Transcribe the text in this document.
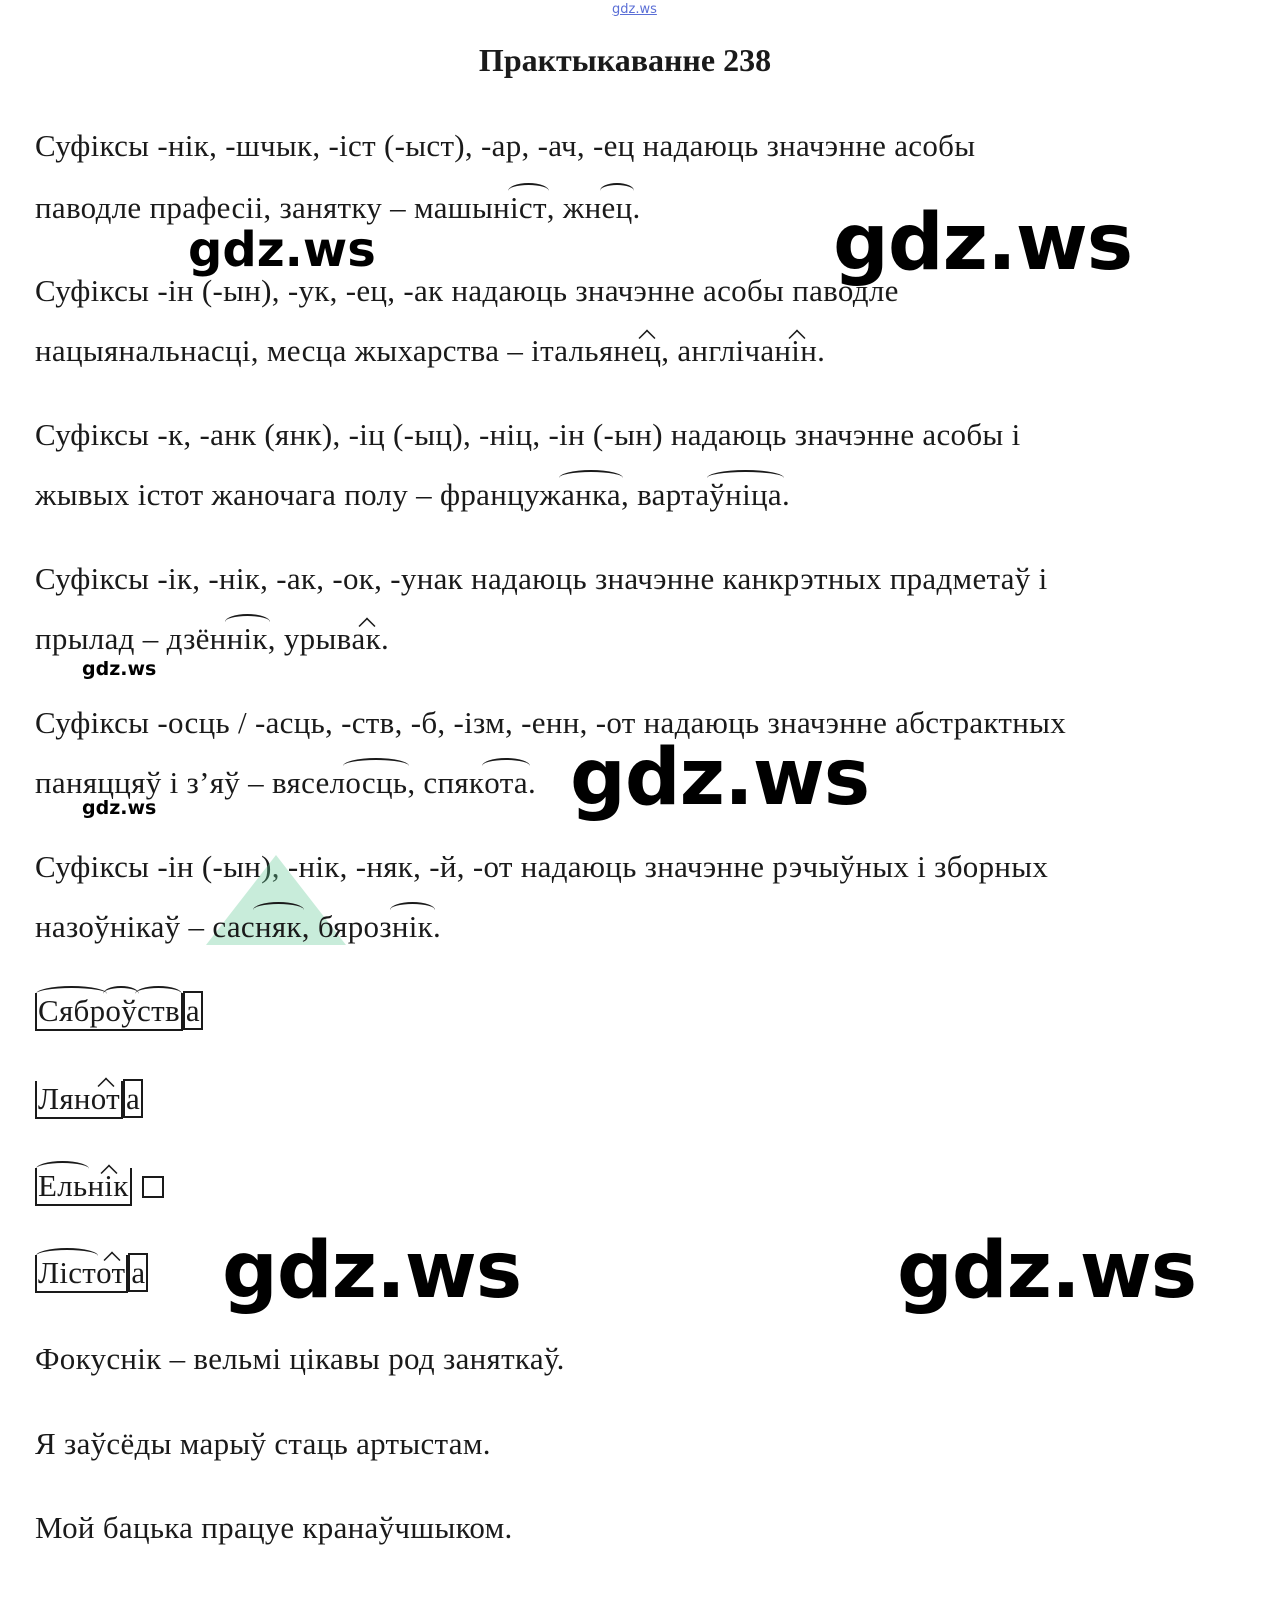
gdz.ws
Практыкаванне 238
Суфіксы -нік, -шчык, -іст (-ыст), -ар, -ач, -ец надаюць значэнне асобы
паводле прафесіі, занятку – машыніст, жнец.
Суфіксы -ін (-ын), -ук, -ец, -ак надаюць значэнне асобы паводле
нацыянальнасці, месца жыхарства – італьянец, англічанін.
Суфіксы -к, -анк (янк), -іц (-ыц), -ніц, -ін (-ын) надаюць значэнне асобы і
жывых істот жаночага полу – францужанка, вартаўніца.
Суфіксы -ік, -нік, -ак, -ок, -унак надаюць значэнне канкрэтных прадметаў і
прылад – дзённік, урывак.
Суфіксы -осць / -асць, -ств, -б, -ізм, -енн, -от надаюць значэнне абстрактных
паняццяў і з’яў – вяселосць, спякота.
Суфіксы -ін (-ын), -нік, -няк, -й, -от надаюць значэнне рэчыўных і зборных
назоўнікаў – сасняк, бярознік.
Сяброўств а
Лянот а
Ельнік
Лістот а
Фокуснік – вельмі цікавы род заняткаў.
Я заўсёды марыў стаць артыстам.
Мой бацька працуе кранаўчшыком.
gdz.ws	gdz.ws
gdz.ws
gdz.ws
gdz.ws
gdz.ws	gdz.ws
